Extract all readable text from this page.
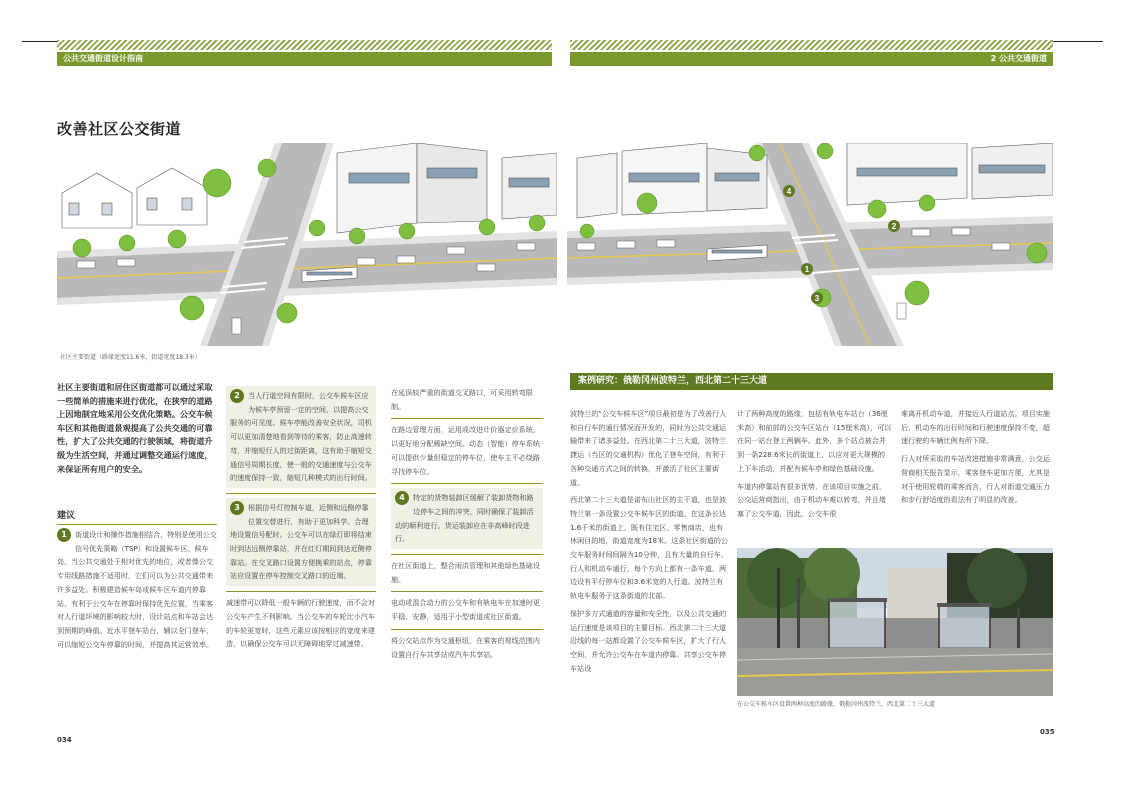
公共交通街道设计指南
改善社区公交街道
社区主要街道（路缘宽度11.6米，街道宽度18.3米）
社区主要街道和居住区街道都可以通过采取一些简单的措施来进行优化，在狭窄的道路上因地制宜地采用公交优化策略。公交车候车区和其他街道景观提高了公共交通的可靠性，扩大了公共交通的行驶领域，将街道升级为生活空间，并通过调整交通运行速度，来保证所有用户的安全。
建议

1	街道设计和操作措施相结合，特别是使用公交信号优先策略（TSP）和设置候车区、候车岛，当公共交通处于相对优先的地位，或者像公交专用线路措施不适用时，它们可以为公共交通带来许多益处。积极建造候车岛或候车区车道内停靠站，有利于公交车在停靠时保持优先位置，当乘客对人行道环境的影响较大时，设计站点和车站会达到预期的峰值。近水平登车站台，辅以全门登车，可以缩短公交车停靠的时间，并提高其运营效率。

2	当人行道空间有限时，公交车候车区应为候车亭预留一定的空间，以提高公交服务的可见度。候车亭能改善安全状况，司机可以更加清楚地看到等待的乘客，防止高速转弯，并缩短行人的过街距离，这有助于缩短交通信号周期长度，使一般的交通速度与公交车的速度保持一致，缩短几种模式的出行时间。
3	根据信号灯控制车道，近侧和远侧停靠位置交替进行，有助于更加科学、合理地设置信号配时。公交车可以在绿灯即将结束时到达远侧停靠站，并在红灯期间到达近侧停靠站。在交叉路口设置方便换乘的站点，停靠站应设置在停车控制交叉路口的近端。
减速带可以降低一般车辆的行驶速度，而不会对公交车产生不利影响。当公交车的车轮比小汽车的车轮更宽时，这些元素应该按相应的宽度来建造，以确保公交车可以无障碍地穿过减速带。
在延误较严重的街道交叉路口，可采用转弯限制。
在路边管理方面，运用或改进计价器定价系统，以更好地分配稀缺空间。动态（智能）停车系统可以提供少量但稳定的停车位，使车主不必绕路寻找停车位。
4	特定的货物装卸区缓解了装卸货物和路边停车之间的冲突，同时确保了装卸活动的顺利进行。货运装卸应在非高峰时段进行。
在社区街道上，整合雨洪管理和其他绿色基础设施。
电动或混合动力的公交车和有轨电车在加速时更平稳、安静，适用于小型街道或社区街道。
将公交站点作为交通枢纽，在乘客的视线范围内设置自行车共享站或汽车共享站。
034
2 公共交通街道
4
2
1
3
035
案例研究：俄勒冈州波特兰，西北第二十三大道

波特兰的“公交车候车区”项目最初是为了改善行人和自行车的通行情况而开发的，同时为公共交通运输带来了诸多益处。在西北第二十三大道，波特兰捷运（当区的交通机构）优化了登车空间，有利于各种交通方式之间的转换，并激活了社区主要街道。

西北第二十三大道是诺布山社区的主干道，也是波特兰第一条设置公交车候车区的街道。在这条长达1.6千米的街道上，既有住宅区、零售商店，也有休闲目的地，街道宽度为18米。这条社区街道的公交车服务时间间隔为10分钟，且有大量的自行车、行人和机动车通行，每个方向上都有一条车道，两边设有平行停车位和3.6米宽的人行道。波特兰有轨电车服务于这条街道的北部。

保护多方式通道的容量和安全性，以及公共交通的运行速度是该项目的主要目标。西北第二十三大道沿线的每一站都设置了公交车候车区，扩大了行人空间，并允许公交车在车道内停靠。共享公交车停车站设

计了两种高度的路缘，包括有轨电车站台（36厘米高）和前部的公交车区站台（15厘米高），可以在同一站台登上两辆车。此外，多个站点被合并到一条228.6米长的街道上，以应对更大规模的上下车活动，并配有候车亭和绿色基础设施。

车道内停靠站有很多优势，在该项目实施之前，公交运营商指出，由于机动车难以转弯，并且堵塞了公交车道，因此，公交车很

难离开机动车道，并接近人行道站点。项目实施后，机动车的出行时间和行驶速度保持不变，超速行驶的车辆比例有所下降。

行人对所采取的车站改进措施非常满意，公交运营商相关报告显示，乘客登车更加方便，尤其是对于使用轮椅的乘客而言，行人对街道交通压力和步行舒适度的看法有了明显的改善。

在公交车候车区设置两种高度的路缘，俄勒冈州波特兰，西北第二十三大道
